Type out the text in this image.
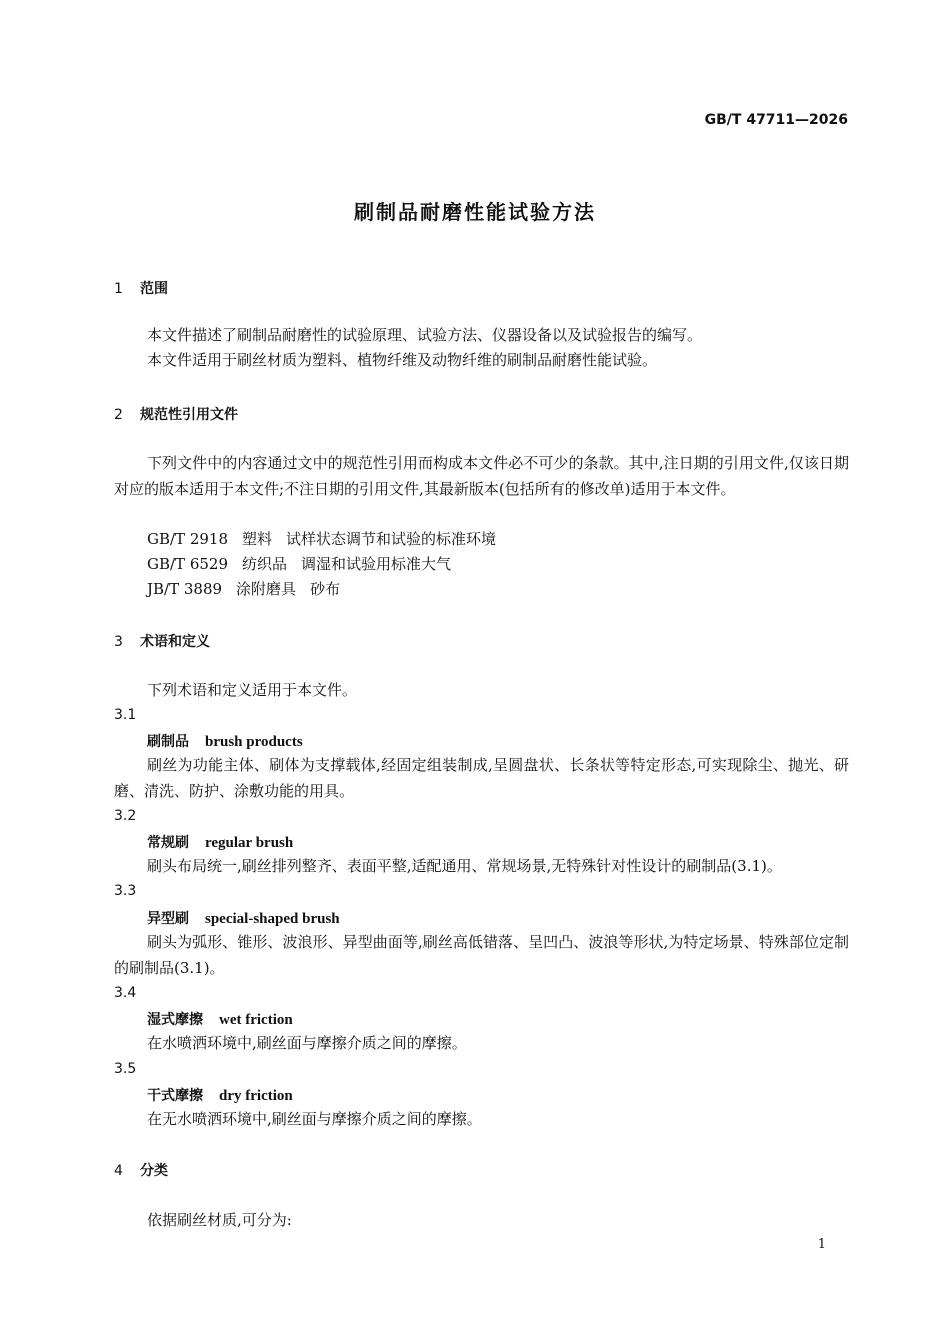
GB/T 47711—2026
刷制品耐磨性能试验方法
1 范围
本文件描述了刷制品耐磨性的试验原理、试验方法、仪器设备以及试验报告的编写。
本文件适用于刷丝材质为塑料、植物纤维及动物纤维的刷制品耐磨性能试验。
2 规范性引用文件
下列文件中的内容通过文中的规范性引用而构成本文件必不可少的条款。其中,注日期的引用文件,仅该日期对应的版本适用于本文件;不注日期的引用文件,其最新版本(包括所有的修改单)适用于本文件。
GB/T 2918 塑料 试样状态调节和试验的标准环境
GB/T 6529 纺织品 调湿和试验用标准大气
JB/T 3889 涂附磨具 砂布
3 术语和定义
下列术语和定义适用于本文件。
3.1
刷制品 brush products
刷丝为功能主体、刷体为支撑载体,经固定组装制成,呈圆盘状、长条状等特定形态,可实现除尘、抛光、研磨、清洗、防护、涂敷功能的用具。
3.2
常规刷 regular brush
刷头布局统一,刷丝排列整齐、表面平整,适配通用、常规场景,无特殊针对性设计的刷制品(3.1)。
3.3
异型刷 special-shaped brush
刷头为弧形、锥形、波浪形、异型曲面等,刷丝高低错落、呈凹凸、波浪等形状,为特定场景、特殊部位定制的刷制品(3.1)。
3.4
湿式摩擦 wet friction
在水喷洒环境中,刷丝面与摩擦介质之间的摩擦。
3.5
干式摩擦 dry friction
在无水喷洒环境中,刷丝面与摩擦介质之间的摩擦。
4 分类
依据刷丝材质,可分为:
1
